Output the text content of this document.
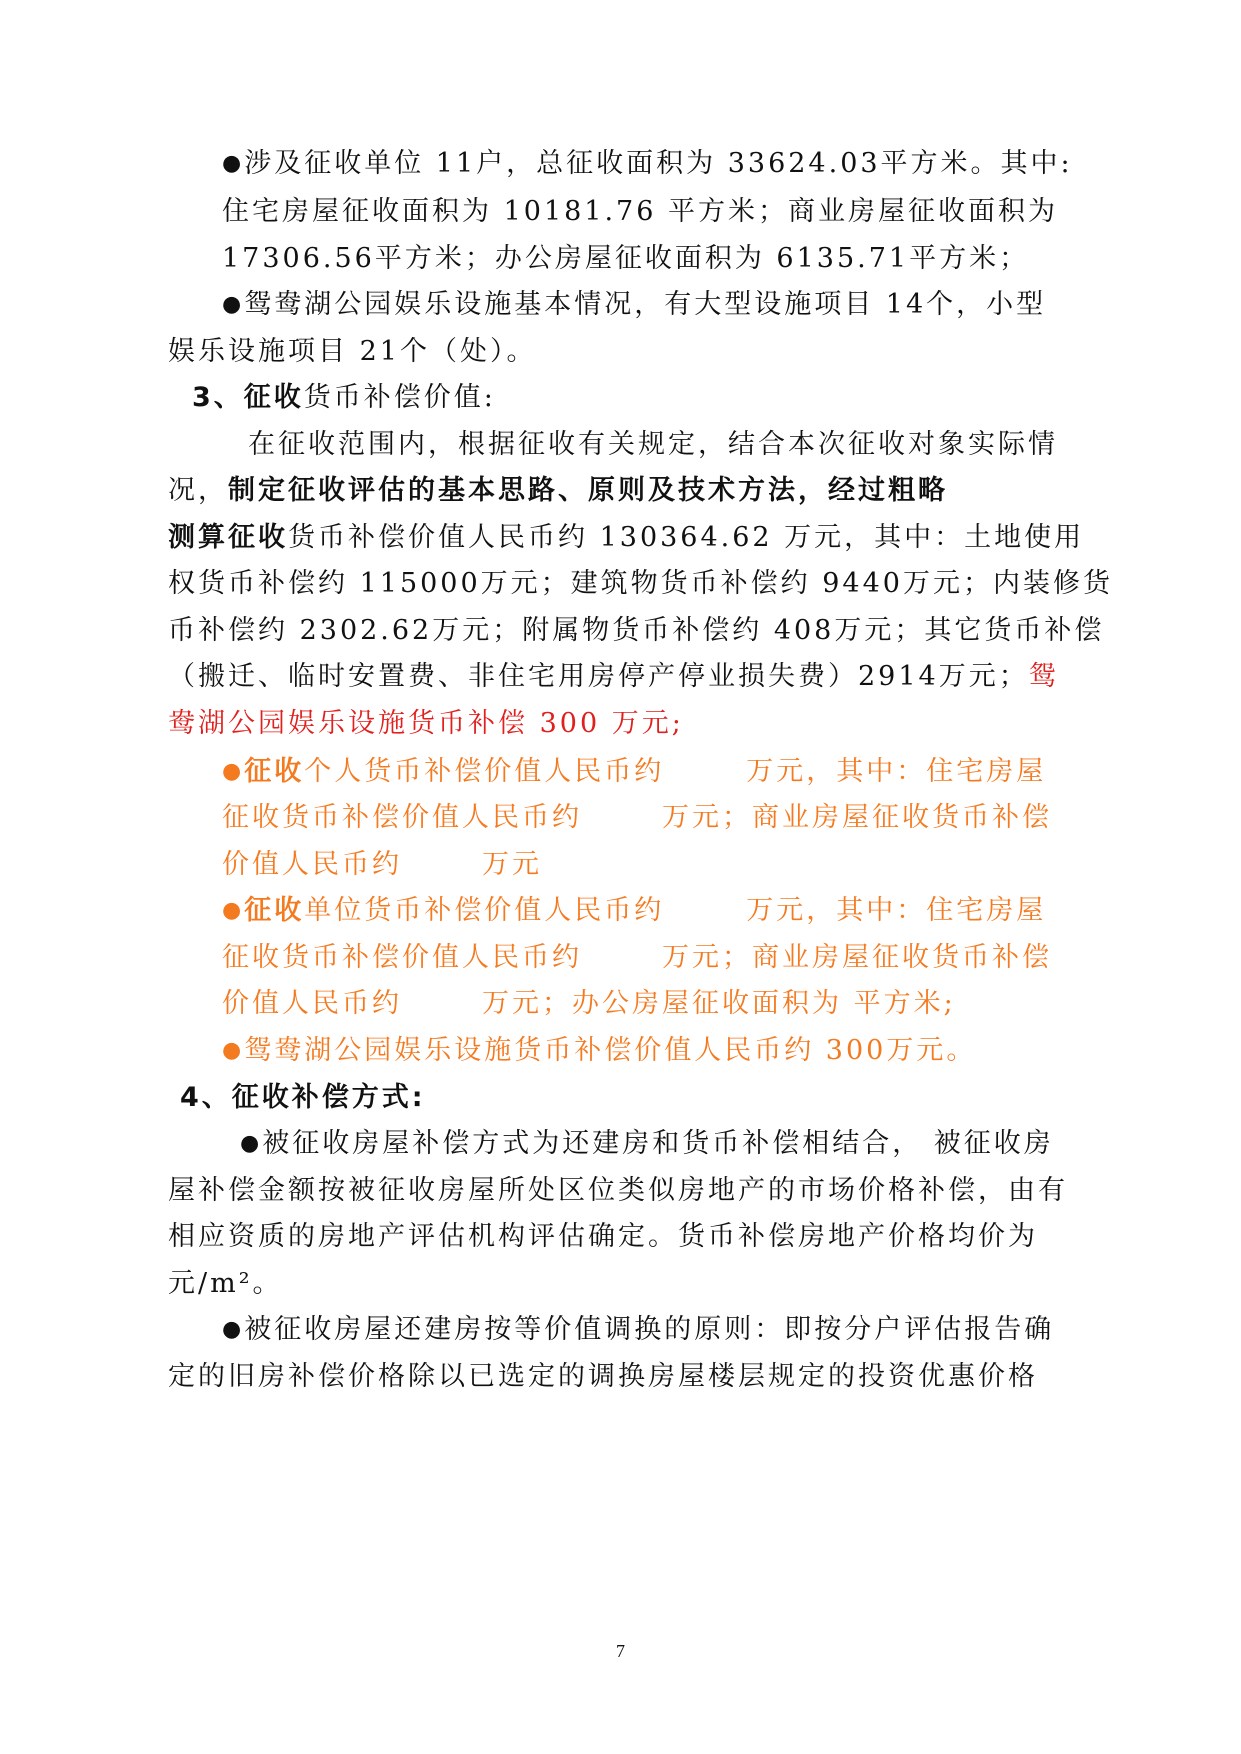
●涉及征收单位 11户，总征收面积为 33624.03平方米。其中:
住宅房屋征收面积为 10181.76 平方米；商业房屋征收面积为
17306.56平方米；办公房屋征收面积为 6135.71平方米；
●鸳鸯湖公园娱乐设施基本情况，有大型设施项目 14个，小型
娱乐设施项目 21个（处）。
3、征收货币补偿价值:
在征收范围内，根据征收有关规定，结合本次征收对象实际情
况，制定征收评估的基本思路、原则及技术方法，经过粗略
测算征收货币补偿价值人民币约 130364.62 万元，其中：土地使用
权货币补偿约 115000万元；建筑物货币补偿约 9440万元；内装修货
币补偿约 2302.62万元；附属物货币补偿约 408万元；其它货币补偿
（搬迁、临时安置费、非住宅用房停产停业损失费）2914万元；鸳
鸯湖公园娱乐设施货币补偿 300 万元;
●征收个人货币补偿价值人民币约	万元，其中：住宅房屋
征收货币补偿价值人民币约	万元；商业房屋征收货币补偿
价值人民币约	万元
●征收单位货币补偿价值人民币约	万元，其中：住宅房屋
征收货币补偿价值人民币约	万元；商业房屋征收货币补偿
价值人民币约	万元；办公房屋征收面积为 平方米;
●鸳鸯湖公园娱乐设施货币补偿价值人民币约 300万元。
4、征收补偿方式:
●被征收房屋补偿方式为还建房和货币补偿相结合， 被征收房
屋补偿金额按被征收房屋所处区位类似房地产的市场价格补偿，由有
相应资质的房地产评估机构评估确定。货币补偿房地产价格均价为
元/m²。
●被征收房屋还建房按等价值调换的原则：即按分户评估报告确
定的旧房补偿价格除以已选定的调换房屋楼层规定的投资优惠价格
7
